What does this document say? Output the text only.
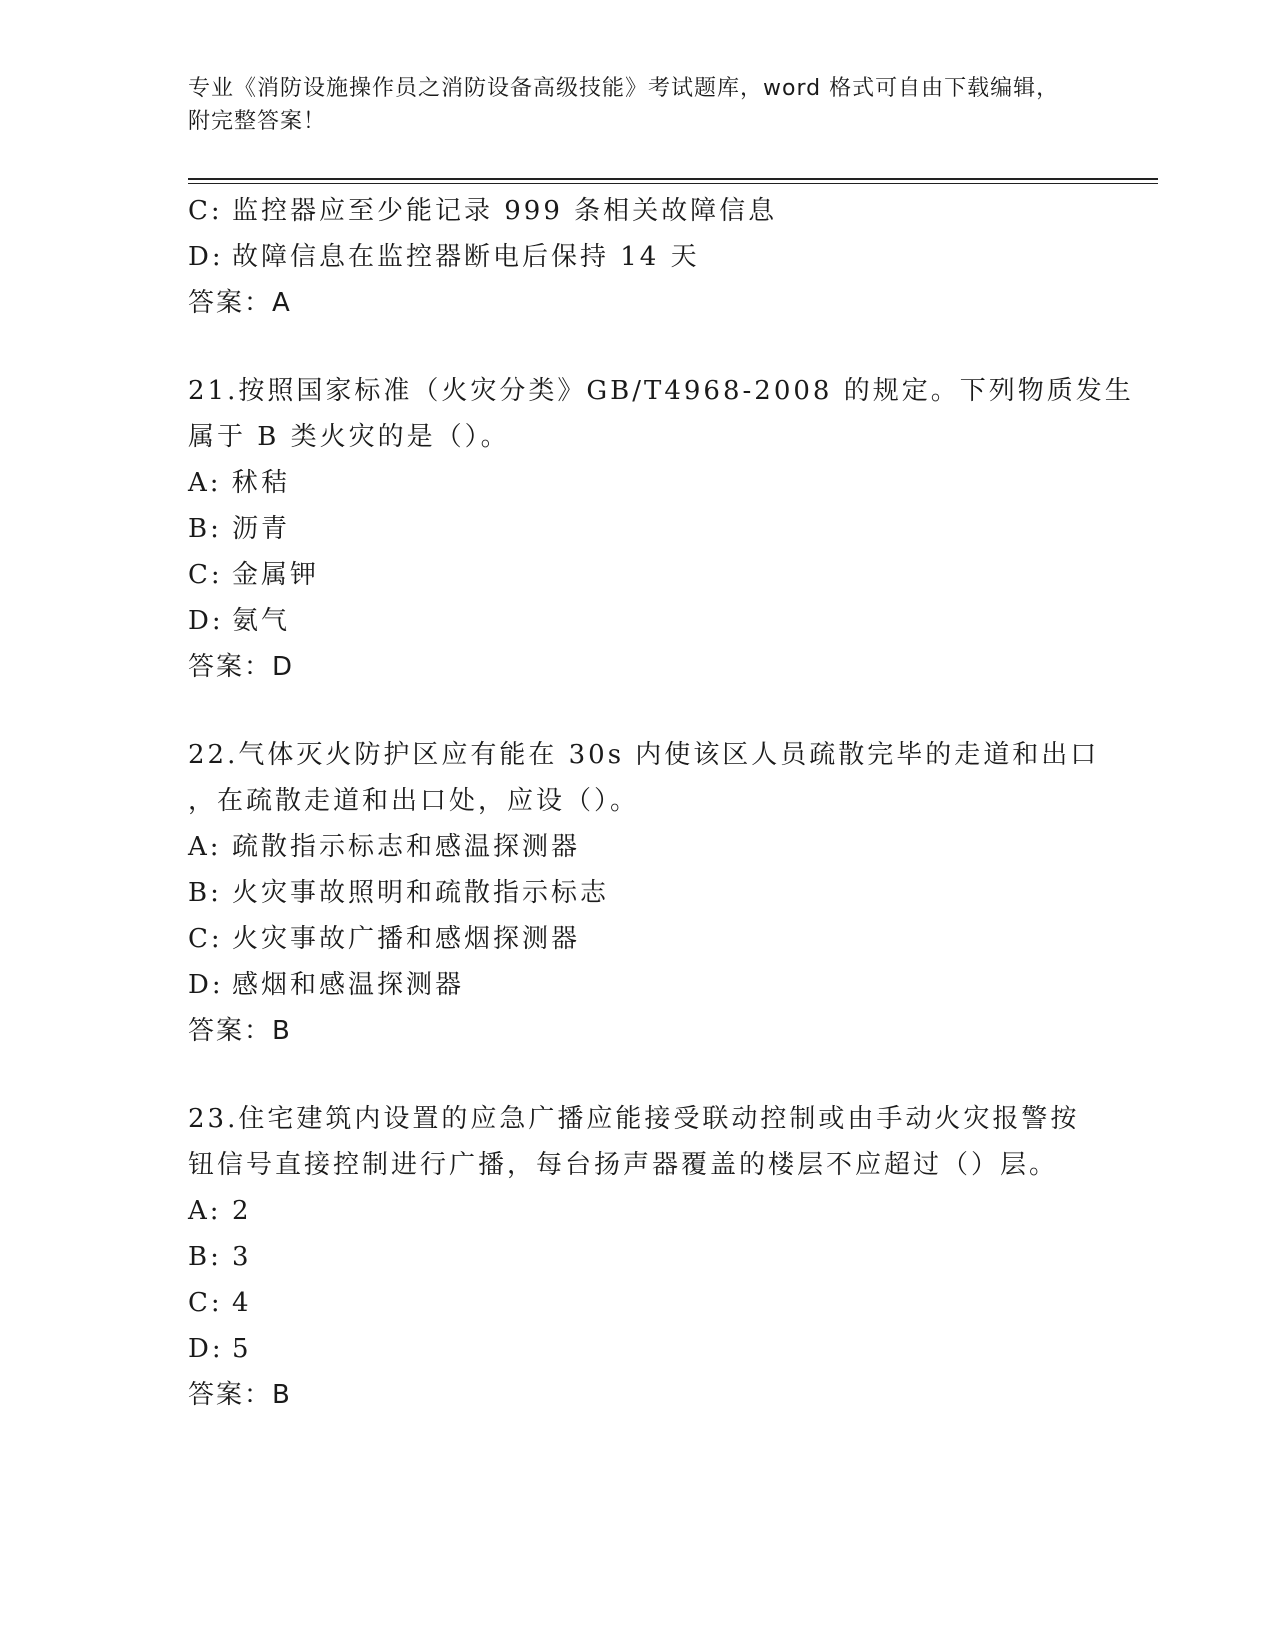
专业《消防设施操作员之消防设备高级技能》考试题库，word 格式可自由下载编辑，附完整答案！
C: 监控器应至少能记录 999 条相关故障信息
D: 故障信息在监控器断电后保持 14 天
答案：A
21.按照国家标准（火灾分类》GB/T4968-2008 的规定。下列物质发生
属于 B 类火灾的是（）。
A: 秫秸
B: 沥青
C: 金属钾
D: 氨气
答案：D
22.气体灭火防护区应有能在 30s 内使该区人员疏散完毕的走道和出口
，在疏散走道和出口处，应设（）。
A: 疏散指示标志和感温探测器
B: 火灾事故照明和疏散指示标志
C: 火灾事故广播和感烟探测器
D: 感烟和感温探测器
答案：B
23.住宅建筑内设置的应急广播应能接受联动控制或由手动火灾报警按
钮信号直接控制进行广播，每台扬声器覆盖的楼层不应超过（）层。
A: 2
B: 3
C: 4
D: 5
答案：B
